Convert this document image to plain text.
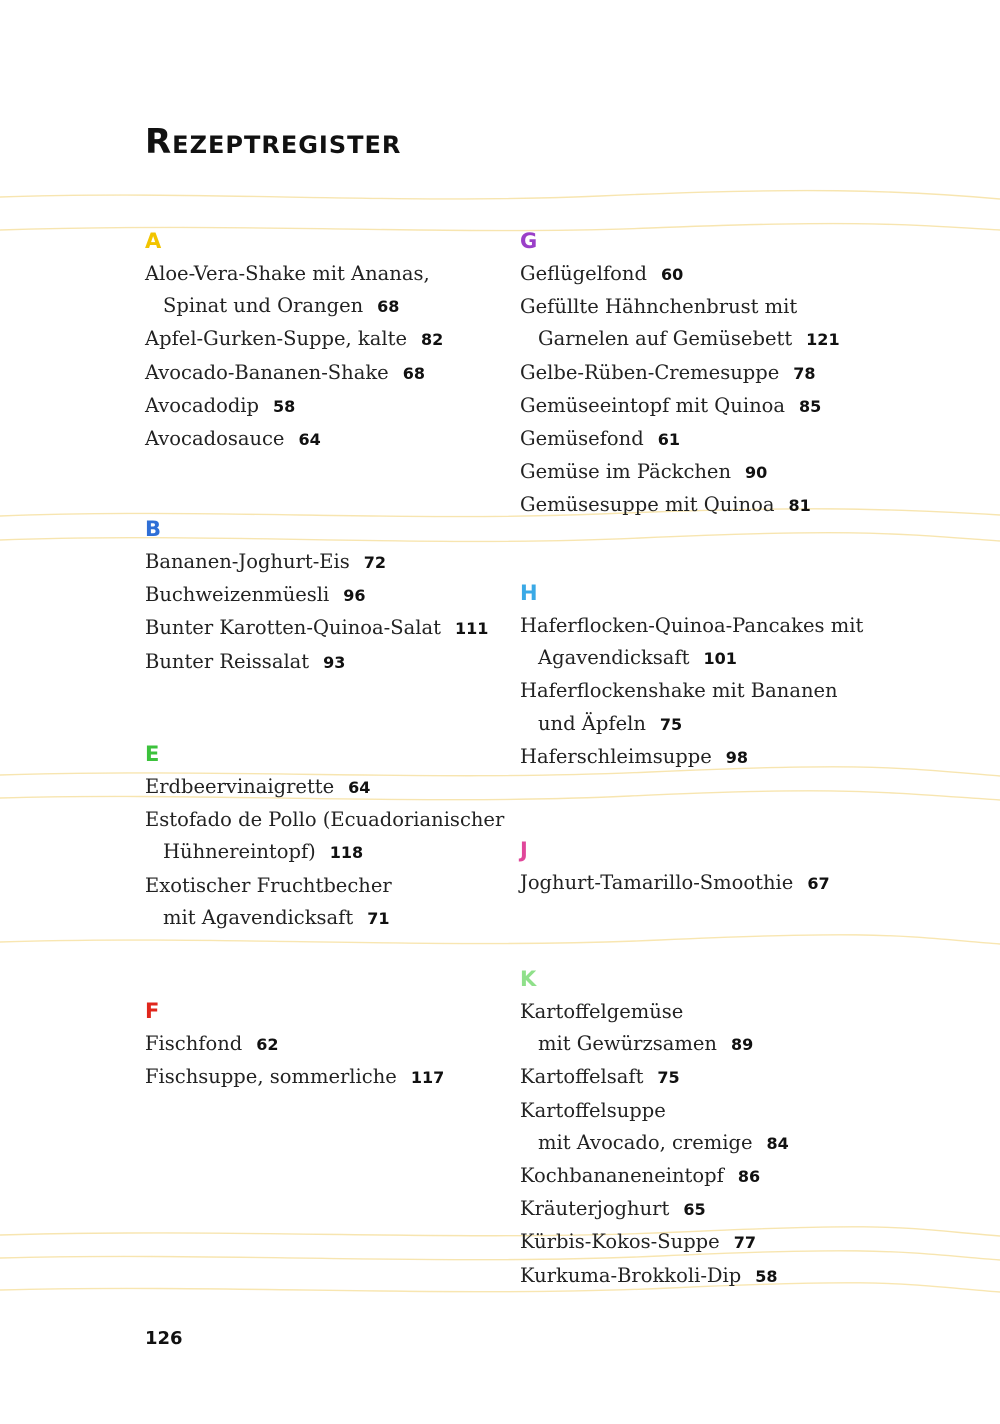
Rezeptregister
A
Aloe-Vera-Shake mit Ananas,
Spinat und Orangen 68
Apfel-Gurken-Suppe, kalte 82
Avocado-Bananen-Shake 68
Avocadodip 58
Avocadosauce 64
B
Bananen-Joghurt-Eis 72
Buchweizenmüesli 96
Bunter Karotten-Quinoa-Salat 111
Bunter Reissalat 93
E
Erdbeervinaigrette 64
Estofado de Pollo (Ecuadorianischer
Hühnereintopf) 118
Exotischer Fruchtbecher
mit Agavendicksaft 71
F
Fischfond 62
Fischsuppe, sommerliche 117
G
Geflügelfond 60
Gefüllte Hähnchenbrust mit
Garnelen auf Gemüsebett 121
Gelbe-Rüben-Cremesuppe 78
Gemüseeintopf mit Quinoa 85
Gemüsefond 61
Gemüse im Päckchen 90
Gemüsesuppe mit Quinoa 81
H
Haferflocken-Quinoa-Pancakes mit
Agavendicksaft 101
Haferflockenshake mit Bananen
und Äpfeln 75
Haferschleimsuppe 98
J
Joghurt-Tamarillo-Smoothie 67
K
Kartoffelgemüse
mit Gewürzsamen 89
Kartoffelsaft 75
Kartoffelsuppe
mit Avocado, cremige 84
Kochbananeneintopf 86
Kräuterjoghurt 65
Kürbis-Kokos-Suppe 77
Kurkuma-Brokkoli-Dip 58
126
